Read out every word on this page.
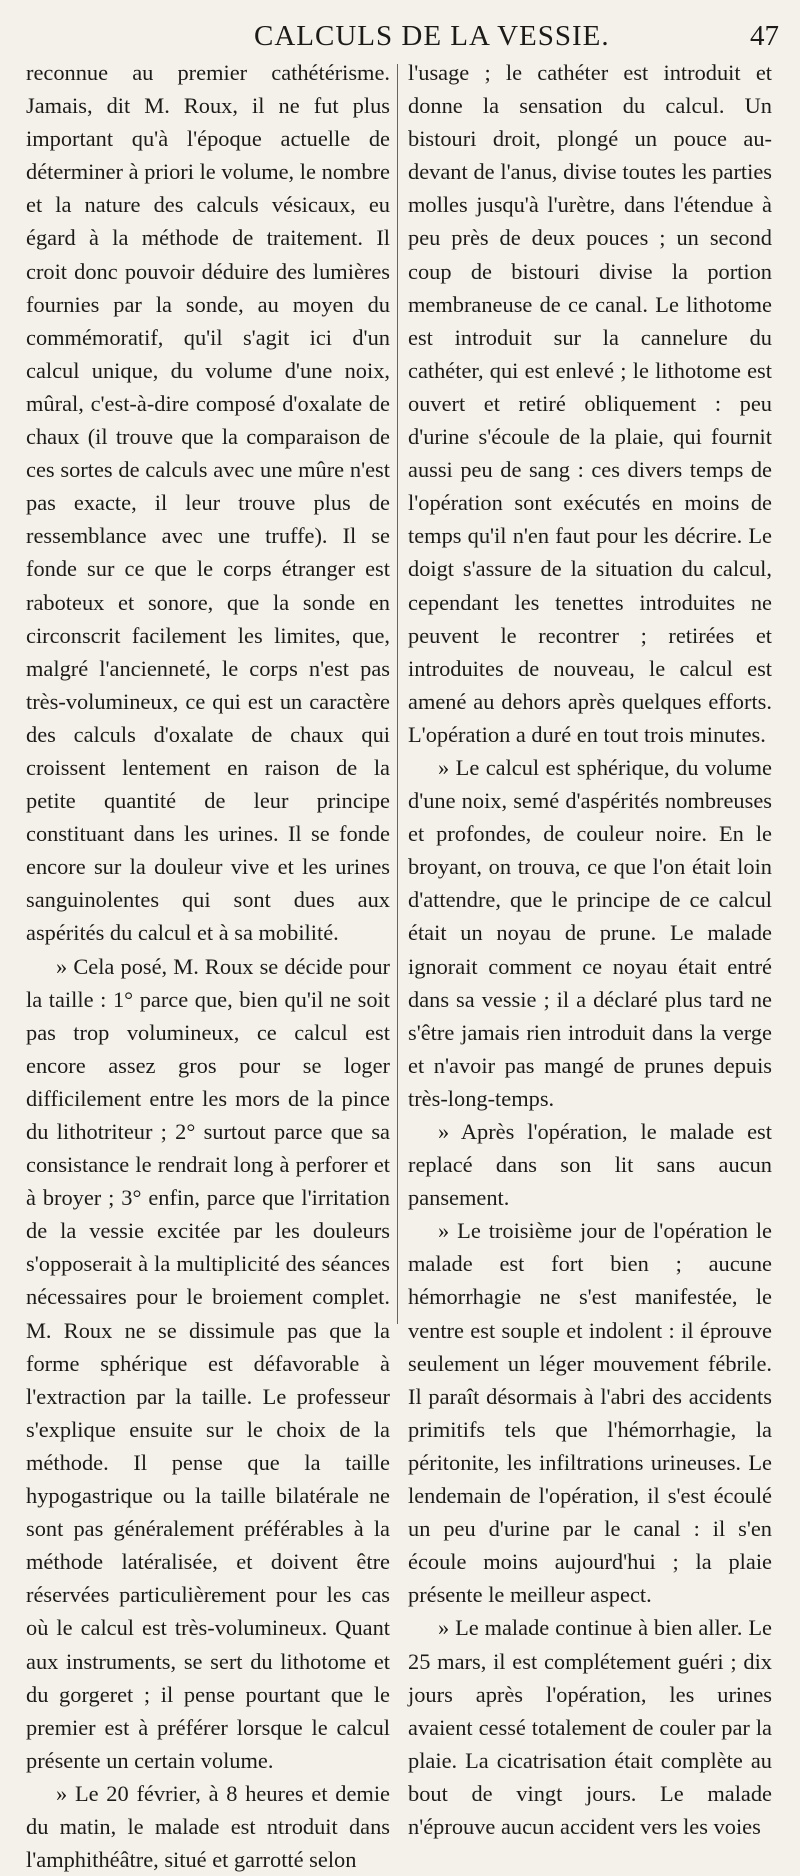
CALCULS DE LA VESSIE.	47

reconnue au premier cathétérisme. Jamais, dit M. Roux, il ne fut plus important qu'à l'époque actuelle de déterminer à priori le volume, le nombre et la nature des calculs vésicaux, eu égard à la méthode de traitement. Il croit donc pouvoir déduire des lumières fournies par la sonde, au moyen du commémoratif, qu'il s'agit ici d'un calcul unique, du volume d'une noix, mûral, c'est-à-dire composé d'oxalate de chaux (il trouve que la comparaison de ces sortes de calculs avec une mûre n'est pas exacte, il leur trouve plus de ressemblance avec une truffe). Il se fonde sur ce que le corps étranger est raboteux et sonore, que la sonde en circonscrit facilement les limites, que, malgré l'ancienneté, le corps n'est pas très-volumineux, ce qui est un caractère des calculs d'oxalate de chaux qui croissent lentement en raison de la petite quantité de leur principe constituant dans les urines. Il se fonde encore sur la douleur vive et les urines sanguinolentes qui sont dues aux aspérités du calcul et à sa mobilité.

» Cela posé, M. Roux se décide pour la taille : 1° parce que, bien qu'il ne soit pas trop volumineux, ce calcul est encore assez gros pour se loger difficilement entre les mors de la pince du lithotriteur ; 2° surtout parce que sa consistance le rendrait long à perforer et à broyer ; 3° enfin, parce que l'irritation de la vessie excitée par les douleurs s'opposerait à la multiplicité des séances nécessaires pour le broiement complet. M. Roux ne se dissimule pas que la forme sphérique est défavorable à l'extraction par la taille. Le professeur s'explique ensuite sur le choix de la méthode. Il pense que la taille hypogastrique ou la taille bilatérale ne sont pas généralement préférables à la méthode latéralisée, et doivent être réservées particulièrement pour les cas où le calcul est très-volumineux. Quant aux instruments, se sert du lithotome et du gorgeret ; il pense pourtant que le premier est à préférer lorsque le calcul présente un certain volume.

» Le 20 février, à 8 heures et demie du matin, le malade est ntroduit dans l'amphithéâtre, situé et garrotté selon

l'usage ; le cathéter est introduit et donne la sensation du calcul. Un bistouri droit, plongé un pouce au-devant de l'anus, divise toutes les parties molles jusqu'à l'urètre, dans l'étendue à peu près de deux pouces ; un second coup de bistouri divise la portion membraneuse de ce canal. Le lithotome est introduit sur la cannelure du cathéter, qui est enlevé ; le lithotome est ouvert et retiré obliquement : peu d'urine s'écoule de la plaie, qui fournit aussi peu de sang : ces divers temps de l'opération sont exécutés en moins de temps qu'il n'en faut pour les décrire. Le doigt s'assure de la situation du calcul, cependant les tenettes introduites ne peuvent le recontrer ; retirées et introduites de nouveau, le calcul est amené au dehors après quelques efforts. L'opération a duré en tout trois minutes.

» Le calcul est sphérique, du volume d'une noix, semé d'aspérités nombreuses et profondes, de couleur noire. En le broyant, on trouva, ce que l'on était loin d'attendre, que le principe de ce calcul était un noyau de prune. Le malade ignorait comment ce noyau était entré dans sa vessie ; il a déclaré plus tard ne s'être jamais rien introduit dans la verge et n'avoir pas mangé de prunes depuis très-long-temps.

» Après l'opération, le malade est replacé dans son lit sans aucun pansement.

» Le troisième jour de l'opération le malade est fort bien ; aucune hémorrhagie ne s'est manifestée, le ventre est souple et indolent : il éprouve seulement un léger mouvement fébrile. Il paraît désormais à l'abri des accidents primitifs tels que l'hémorrhagie, la péritonite, les infiltrations urineuses. Le lendemain de l'opération, il s'est écoulé un peu d'urine par le canal : il s'en écoule moins aujourd'hui ; la plaie présente le meilleur aspect.

» Le malade continue à bien aller. Le 25 mars, il est complétement guéri ; dix jours après l'opération, les urines avaient cessé totalement de couler par la plaie. La cicatrisation était complète au bout de vingt jours. Le malade n'éprouve aucun accident vers les voies
